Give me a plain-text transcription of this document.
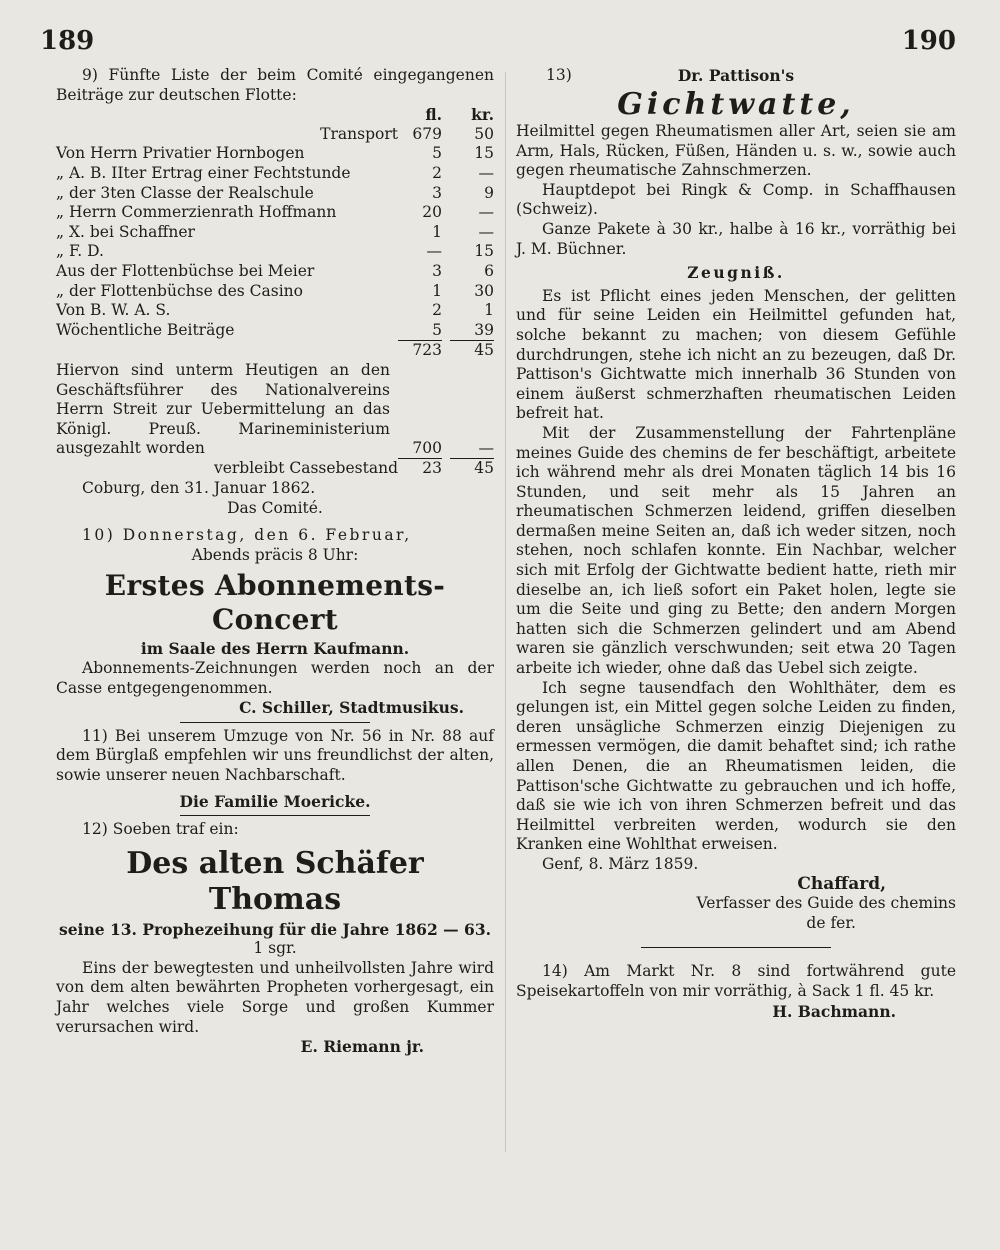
189	190

9) Fünfte Liste der beim Comité eingegangenen Beiträge zur deutschen Flotte:

	fl.		kr.
Transport	679		50
Von Herrn Privatier Hornbogen	5		15
„ A. B. IIter Ertrag einer Fechtstunde	2		—
„ der 3ten Classe der Realschule	3		9
„ Herrn Commerzienrath Hoffmann	20		—
„ X. bei Schaffner	1		—
„ F. D.	—		15
Aus der Flottenbüchse bei Meier	3		6
„ der Flottenbüchse des Casino	1		30
Von B. W. A. S.	2		1
Wöchentliche Beiträge	5		39
	723		45
Hiervon sind unterm Heutigen an den Geschäftsführer des Nationalvereins Herrn Streit zur Uebermittelung an das Königl. Preuß. Marineministerium ausgezahlt worden	700		—
verbleibt Cassebestand	23		45

Coburg, den 31. Januar 1862.

Das Comité.

10) Donnerstag, den 6. Februar,

Abends präcis 8 Uhr:

Erstes Abonnements-Concert

im Saale des Herrn Kaufmann.

Abonnements-Zeichnungen werden noch an der Casse entgegengenommen.

C. Schiller, Stadtmusikus.

11) Bei unserem Umzuge von Nr. 56 in Nr. 88 auf dem Bürglaß empfehlen wir uns freundlichst der alten, sowie unserer neuen Nachbarschaft.

Die Familie Moericke.

12) Soeben traf ein:

Des alten Schäfer Thomas

seine 13. Prophezeihung für die Jahre 1862 — 63.

1 sgr.

Eins der bewegtesten und unheilvollsten Jahre wird von dem alten bewährten Propheten vorhergesagt, ein Jahr welches viele Sorge und großen Kummer verursachen wird.

E. Riemann jr.

13)	Dr. Pattison's
Gichtwatte,

Heilmittel gegen Rheumatismen aller Art, seien sie am Arm, Hals, Rücken, Füßen, Händen u. s. w., sowie auch gegen rheumatische Zahnschmerzen.

Hauptdepot bei Ringk & Comp. in Schaffhausen (Schweiz).

Ganze Pakete à 30 kr., halbe à 16 kr., vorräthig bei J. M. Büchner.

Zeugniß.

Es ist Pflicht eines jeden Menschen, der gelitten und für seine Leiden ein Heilmittel gefunden hat, solche bekannt zu machen; von diesem Gefühle durchdrungen, stehe ich nicht an zu bezeugen, daß Dr. Pattison's Gichtwatte mich innerhalb 36 Stunden von einem äußerst schmerzhaften rheumatischen Leiden befreit hat.

Mit der Zusammenstellung der Fahrtenpläne meines Guide des chemins de fer beschäftigt, arbeitete ich während mehr als drei Monaten täglich 14 bis 16 Stunden, und seit mehr als 15 Jahren an rheumatischen Schmerzen leidend, griffen dieselben dermaßen meine Seiten an, daß ich weder sitzen, noch stehen, noch schlafen konnte. Ein Nachbar, welcher sich mit Erfolg der Gichtwatte bedient hatte, rieth mir dieselbe an, ich ließ sofort ein Paket holen, legte sie um die Seite und ging zu Bette; den andern Morgen hatten sich die Schmerzen gelindert und am Abend waren sie gänzlich verschwunden; seit etwa 20 Tagen arbeite ich wieder, ohne daß das Uebel sich zeigte.

Ich segne tausendfach den Wohlthäter, dem es gelungen ist, ein Mittel gegen solche Leiden zu finden, deren unsägliche Schmerzen einzig Diejenigen zu ermessen vermögen, die damit behaftet sind; ich rathe allen Denen, die an Rheumatismen leiden, die Pattison'sche Gichtwatte zu gebrauchen und ich hoffe, daß sie wie ich von ihren Schmerzen befreit und das Heilmittel verbreiten werden, wodurch sie den Kranken eine Wohlthat erweisen.

Genf, 8. März 1859.

Chaffard,

Verfasser des Guide des chemins

de fer.

14) Am Markt Nr. 8 sind fortwährend gute Speisekartoffeln von mir vorräthig, à Sack 1 fl. 45 kr.

H. Bachmann.
